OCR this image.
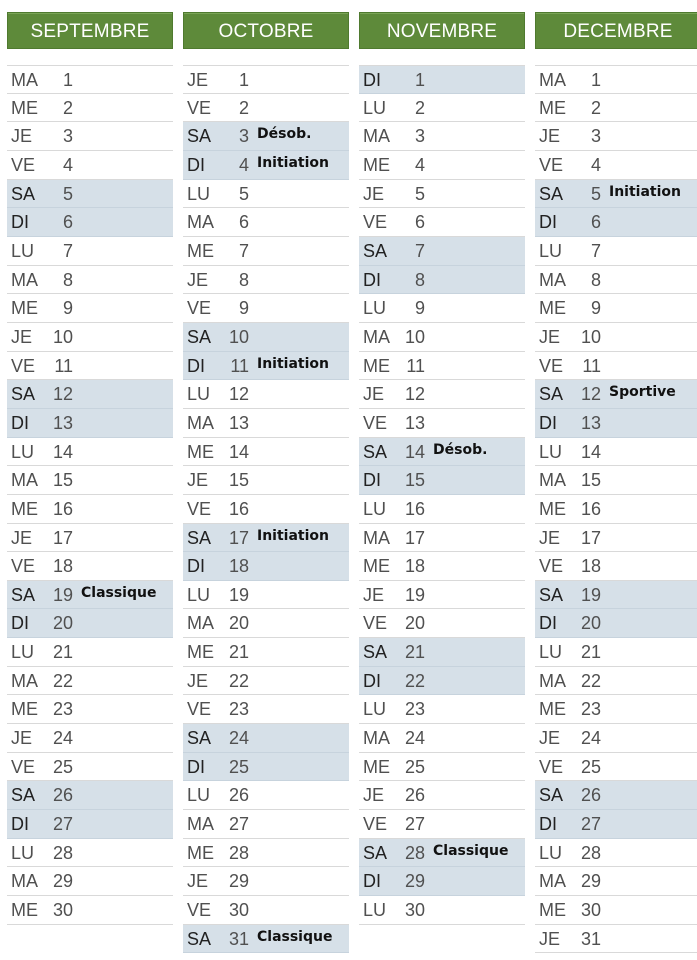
SEPTEMBRE
MA	1
ME	2
JE	3
VE	4
SA	5
DI	6
LU	7
MA	8
ME	9
JE	10
VE	11
SA 12
DI	13
LU	14
MA 15
ME 16
JE	17
VE 18
SA 19 Classique
DI	20
LU	21
MA 22
ME 23
JE	24
VE 25
SA 26
DI	27
LU	28
MA 29
ME 30
OCTOBRE
JE	1
VE	2
SA	3 Désob.
DI	4 Initiation
LU	5
MA	6
ME	7
JE	8
VE	9
SA 10
DI	11 Initiation
LU	12
MA 13
ME 14
JE	15
VE 16
SA 17 Initiation
DI	18
LU	19
MA 20
ME 21
JE	22
VE 23
SA 24
DI	25
LU	26
MA 27
ME 28
JE	29
VE 30
SA 31 Classique
NOVEMBRE
DI	1
LU	2
MA	3
ME	4
JE	5
VE	6
SA	7
DI	8
LU	9
MA 10
ME 11
JE	12
VE 13
SA 14 Désob.
DI	15
LU	16
MA 17
ME 18
JE	19
VE 20
SA 21
DI	22
LU	23
MA 24
ME 25
JE	26
VE 27
SA 28 Classique
DI	29
LU	30
DECEMBRE
MA	1
ME	2
JE	3
VE	4
SA	5 Initiation
DI	6
LU	7
MA	8
ME	9
JE	10
VE	11
SA 12 Sportive
DI	13
LU	14
MA 15
ME 16
JE	17
VE 18
SA 19
DI	20
LU	21
MA 22
ME 23
JE	24
VE 25
SA 26
DI	27
LU	28
MA 29
ME 30
JE	31
